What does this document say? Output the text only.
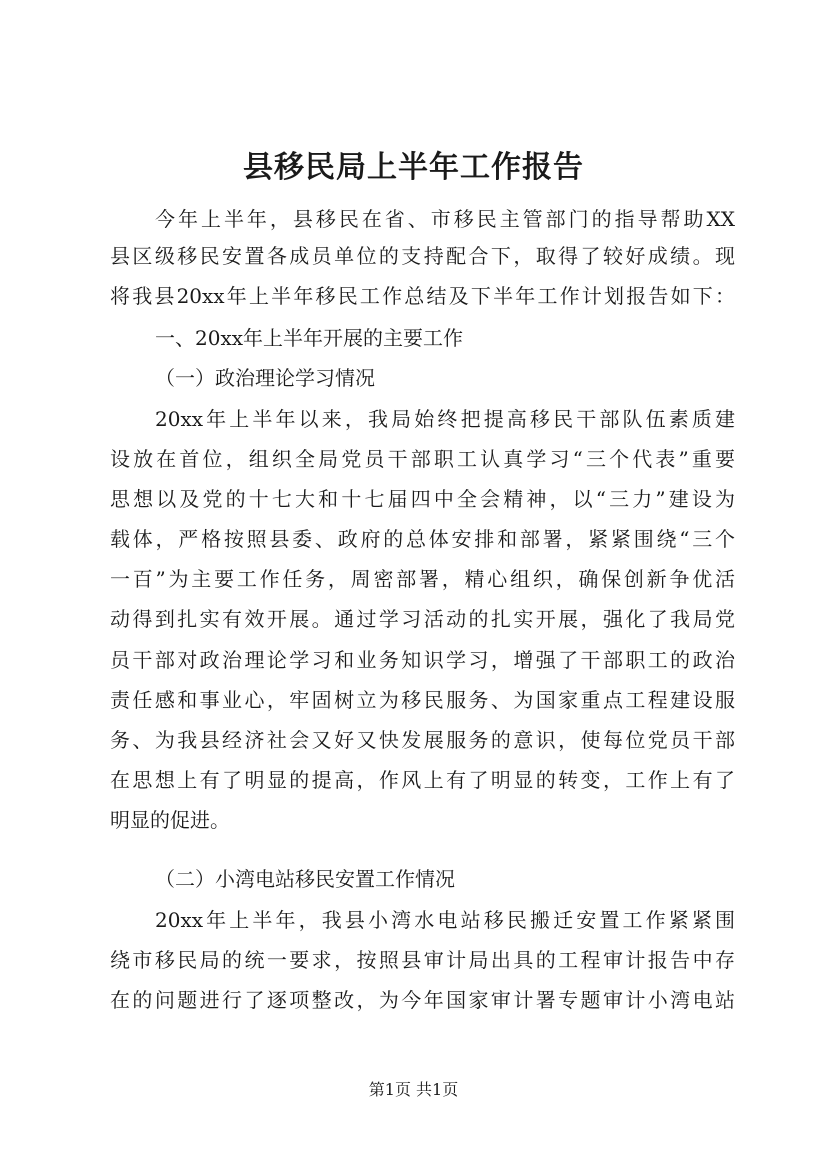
县移民局上半年工作报告
今年上半年，县移民在省、市移民主管部门的指导帮助XX
县区级移民安置各成员单位的支持配合下，取得了较好成绩。现
将我县20xx年上半年移民工作总结及下半年工作计划报告如下：
一、20xx年上半年开展的主要工作
（一）政治理论学习情况
20xx年上半年以来，我局始终把提高移民干部队伍素质建
设放在首位，组织全局党员干部职工认真学习“三个代表”重要
思想以及党的十七大和十七届四中全会精神，以“三力”建设为
载体，严格按照县委、政府的总体安排和部署，紧紧围绕“三个
一百”为主要工作任务，周密部署，精心组织，确保创新争优活
动得到扎实有效开展。通过学习活动的扎实开展，强化了我局党
员干部对政治理论学习和业务知识学习，增强了干部职工的政治
责任感和事业心，牢固树立为移民服务、为国家重点工程建设服
务、为我县经济社会又好又快发展服务的意识，使每位党员干部
在思想上有了明显的提高，作风上有了明显的转变，工作上有了
明显的促进。
（二）小湾电站移民安置工作情况
20xx年上半年，我县小湾水电站移民搬迁安置工作紧紧围
绕市移民局的统一要求，按照县审计局出具的工程审计报告中存
在的问题进行了逐项整改，为今年国家审计署专题审计小湾电站
第1页 共1页
